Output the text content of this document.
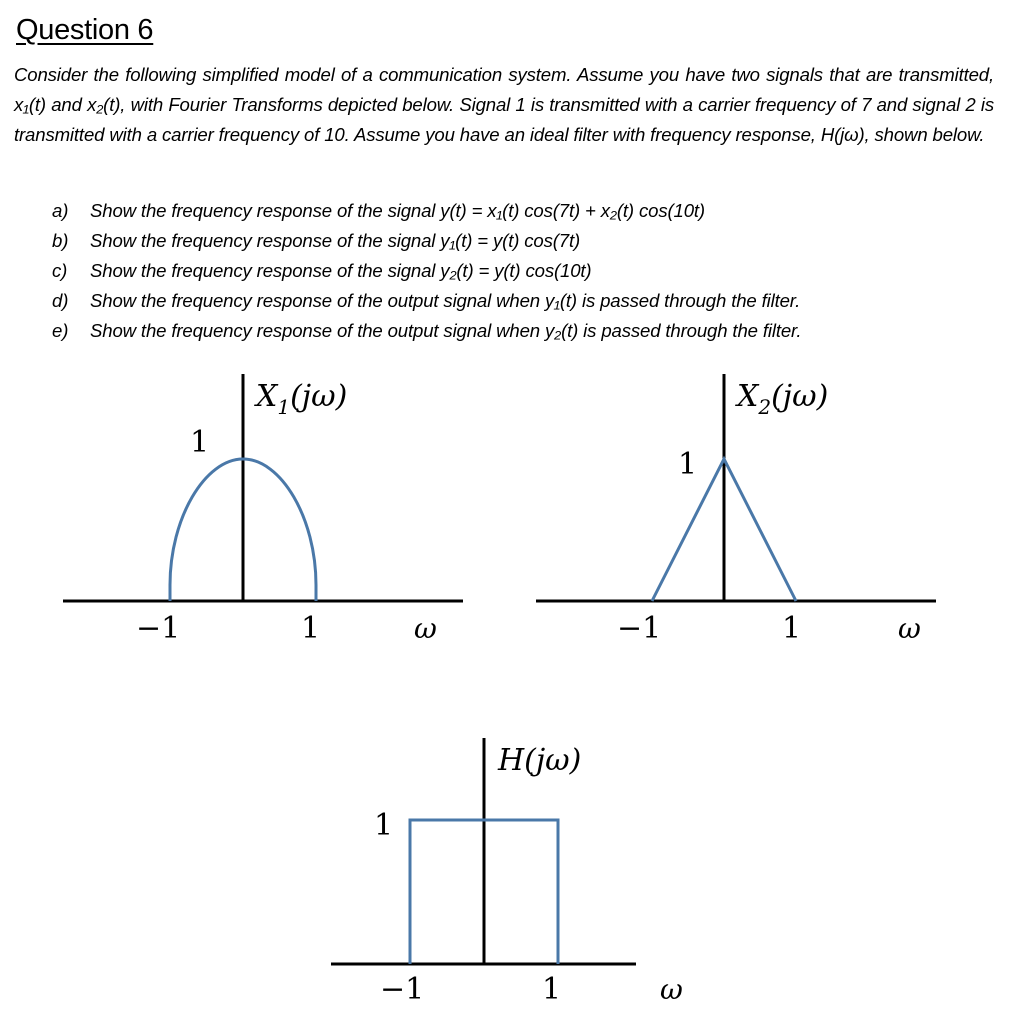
Question 6
Consider the following simplified model of a communication system. Assume you have two signals that are transmitted, x₁(t) and x₂(t), with Fourier Transforms depicted below. Signal 1 is transmitted with a carrier frequency of 7 and signal 2 is transmitted with a carrier frequency of 10. Assume you have an ideal filter with frequency response, H(jω), shown below.
a) Show the frequency response of the signal y(t) = x₁(t) cos(7t) + x₂(t) cos(10t)
b) Show the frequency response of the signal y₁(t) = y(t) cos(7t)
c) Show the frequency response of the signal y₂(t) = y(t) cos(10t)
d) Show the frequency response of the output signal when y₁(t) is passed through the filter.
e) Show the frequency response of the output signal when y₂(t) is passed through the filter.
$X_1(j\omega)$
1
−1	1	ω
$X_2(j\omega)$
1
−1	1	ω
H(jω)
1
−1	1	ω
